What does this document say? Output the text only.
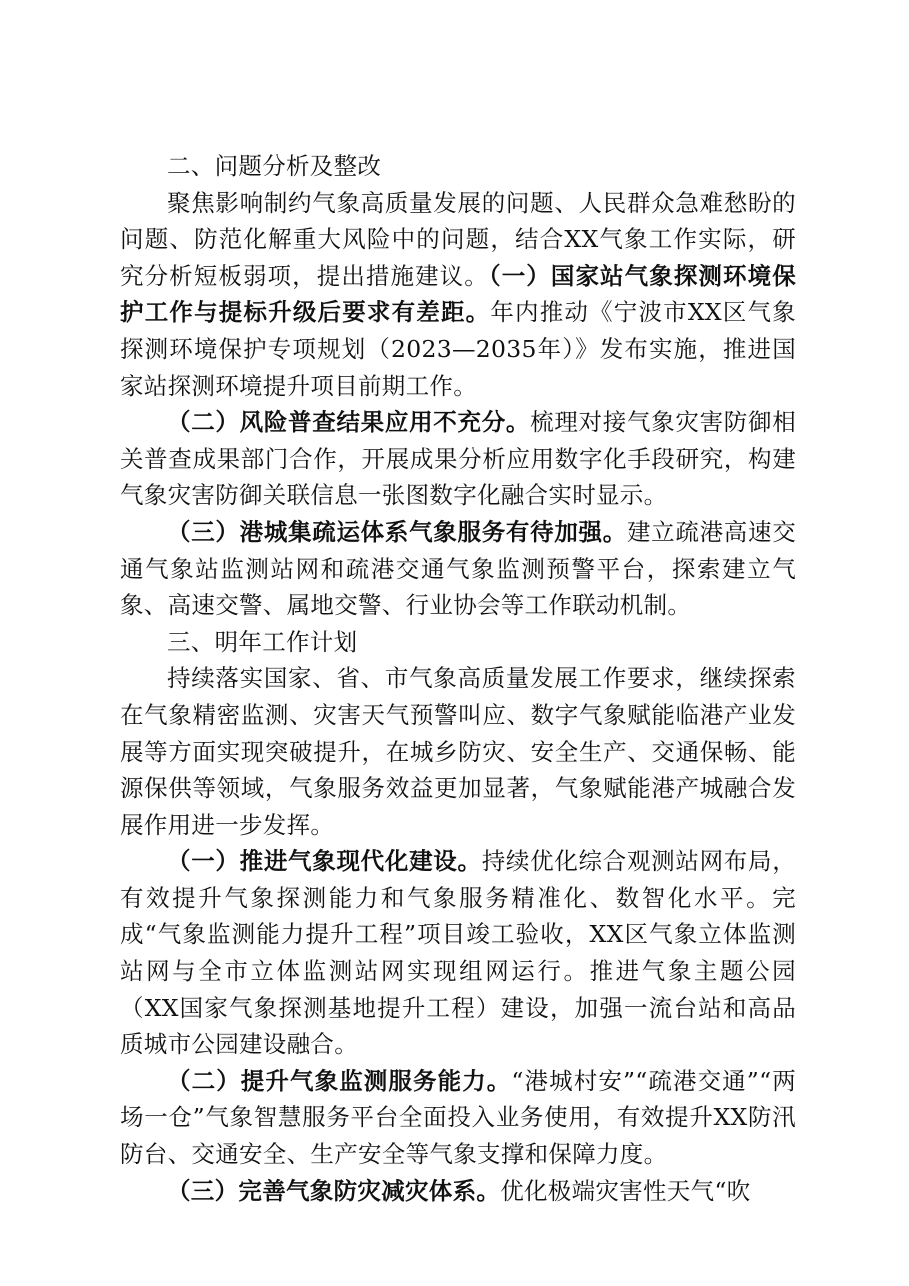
二、问题分析及整改

聚焦影响制约气象高质量发展的问题、人民群众急难愁盼的问题、防范化解重大风险中的问题，结合XX气象工作实际，研究分析短板弱项，提出措施建议。（一）国家站气象探测环境保护工作与提标升级后要求有差距。年内推动《宁波市XX区气象探测环境保护专项规划（2023—2035年）》发布实施，推进国家站探测环境提升项目前期工作。

（二）风险普查结果应用不充分。梳理对接气象灾害防御相关普查成果部门合作，开展成果分析应用数字化手段研究，构建气象灾害防御关联信息一张图数字化融合实时显示。

（三）港城集疏运体系气象服务有待加强。建立疏港高速交通气象站监测站网和疏港交通气象监测预警平台，探索建立气象、高速交警、属地交警、行业协会等工作联动机制。

三、明年工作计划

持续落实国家、省、市气象高质量发展工作要求，继续探索在气象精密监测、灾害天气预警叫应、数字气象赋能临港产业发展等方面实现突破提升，在城乡防灾、安全生产、交通保畅、能源保供等领域，气象服务效益更加显著，气象赋能港产城融合发展作用进一步发挥。

（一）推进气象现代化建设。持续优化综合观测站网布局，有效提升气象探测能力和气象服务精准化、数智化水平。完成“气象监测能力提升工程”项目竣工验收，XX区气象立体监测站网与全市立体监测站网实现组网运行。推进气象主题公园（XX国家气象探测基地提升工程）建设，加强一流台站和高品质城市公园建设融合。

（二）提升气象监测服务能力。“港城村安”“疏港交通”“两场一仓”气象智慧服务平台全面投入业务使用，有效提升XX防汛防台、交通安全、生产安全等气象支撑和保障力度。

（三）完善气象防灾减灾体系。优化极端灾害性天气“吹
